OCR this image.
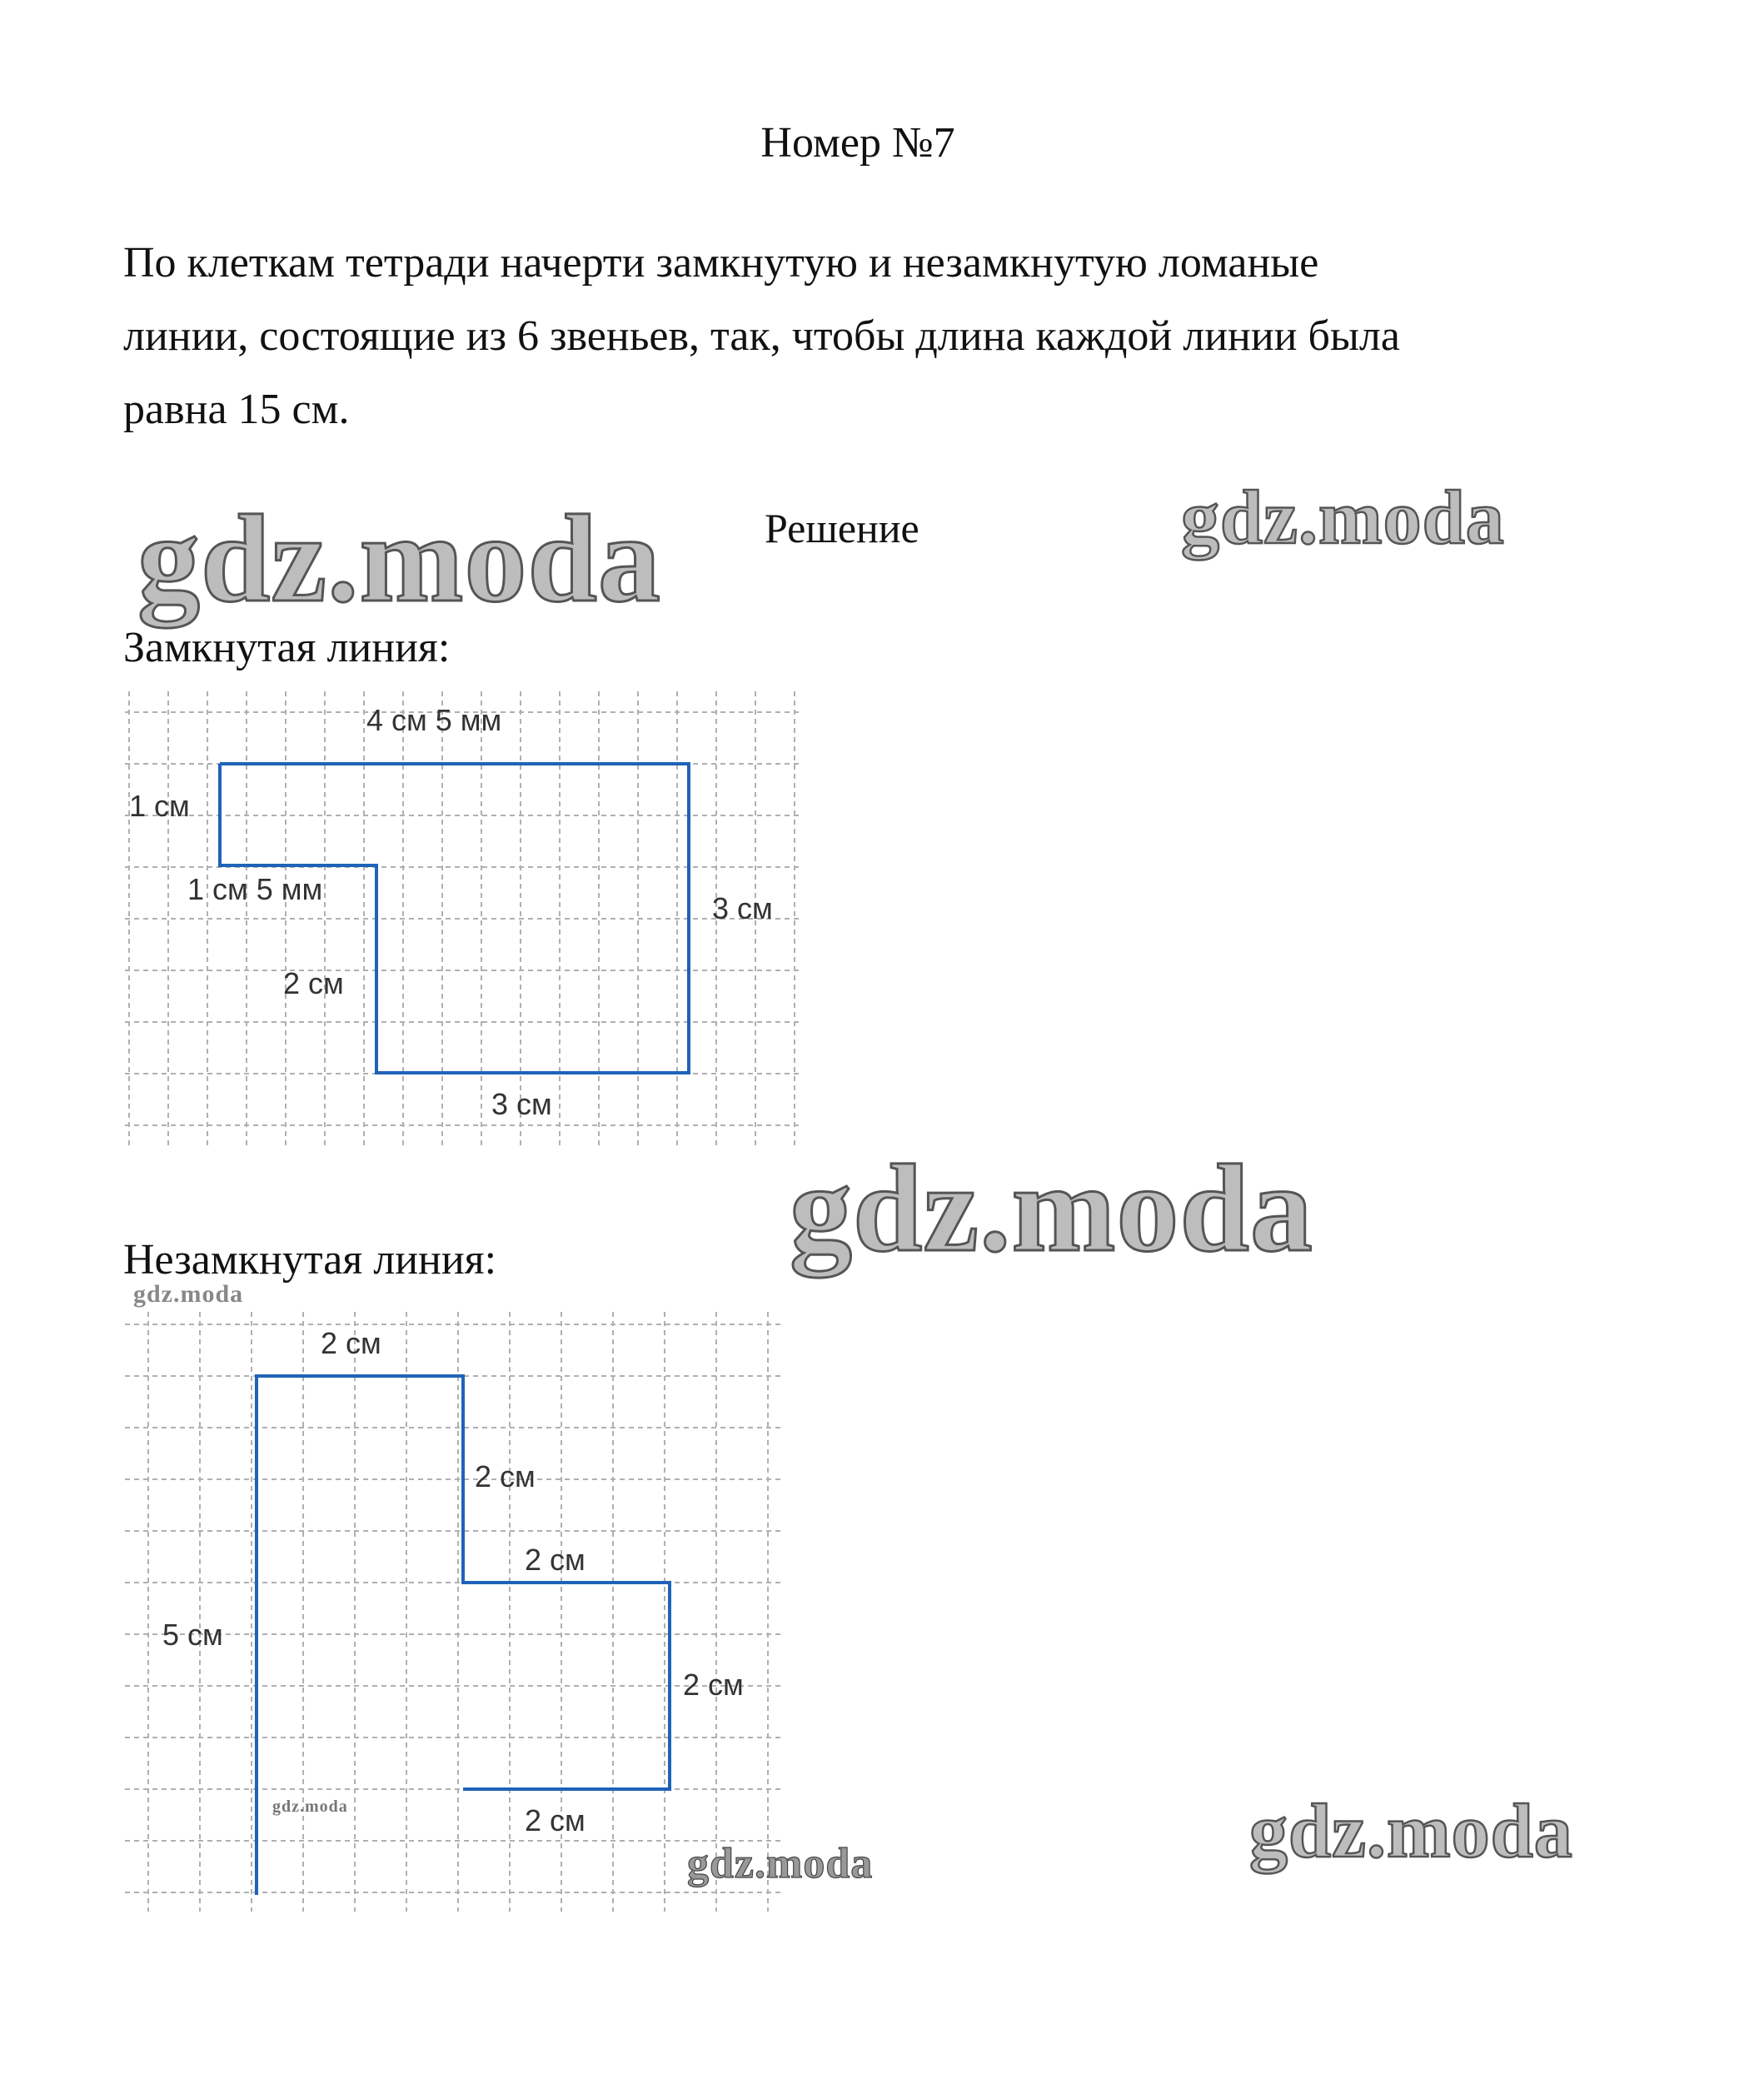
Номер №7
По клеткам тетради начерти замкнутую и незамкнутую ломаные
линии, состоящие из 6 звеньев, так, чтобы длина каждой линии была
равна 15 см.
gdz.moda Решение	gdz.moda
Замкнутая линия:
4 см 5 мм
1 см
1 см 5 мм
3 см
2 см
3 см
gdz.moda
Незамкнутая линия:
gdz.moda
2 см
2 см
2 см
5 см
2 см
2 см
gdz.moda
gdz.moda	gdz.moda
